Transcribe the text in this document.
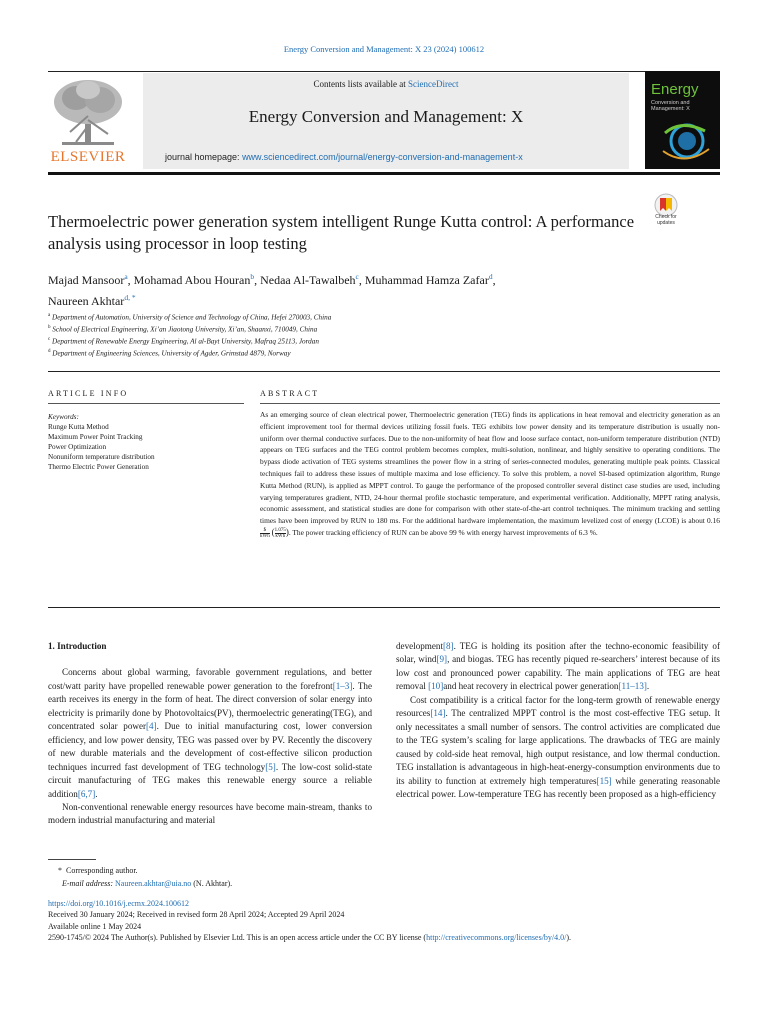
Energy Conversion and Management: X 23 (2024) 100612
ELSEVIER
Contents lists available at ScienceDirect
Energy Conversion and Management: X
journal homepage: www.sciencedirect.com/journal/energy-conversion-and-management-x
Energy
Conversion and Management: X
Check for updates
Thermoelectric power generation system intelligent Runge Kutta control: A performance analysis using processor in loop testing
Majad Mansoor$^a$, Mohamad Abou Houran$^b$, Nedaa Al-Tawalbeh$^c$, Muhammad Hamza Zafar$^d$,
Naureen Akhtar$^{d, *}$
$^a$ Department of Automation, University of Science and Technology of China, Hefei 270003, China
$^b$ School of Electrical Engineering, Xi’an Jiaotong University, Xi’an, Shaanxi, 710049, China
$^c$ Department of Renewable Energy Engineering, Al al-Bayt University, Mafraq 25113, Jordan
$^d$ Department of Engineering Sciences, University of Agder, Grimstad 4879, Norway
ARTICLE INFO
Keywords:
Runge Kutta Method
Maximum Power Point Tracking
Power Optimization
Nonuniform temperature distribution
Thermo Electric Power Generation
ABSTRACT
As an emerging source of clean electrical power, Thermoelectric generation (TEG) finds its applications in heat removal and electricity generation as an efficient improvement tool for thermal devices utilizing fossil fuels. TEG exhibits low power density and its temperature distribution is usually non-uniform over thermal conductive surfaces. Due to the non-uniformity of heat flow and loose surface contact, non-uniform temperature distribution (NTD) appears on TEG surfaces and the TEG control problem becomes complex, multi-solution, nonlinear, and highly sensitive to operating conditions. The bypass diode activation of TEG systems streamlines the power flow in a string of series-connected modules, generating multiple peak points. Classical techniques fail to address these issues of multiple maxima and lose efficiency. To solve this problem, a novel SI-based optimization algorithm, Runge Kutta Method (RUN), is applied as MPPT control. To gauge the performance of the proposed controller several distinct case studies are used, including varying temperatures gradient, NTD, 24-hour thermal profile stochastic temperature, and experimental verification. Additionally, MPPT rating analysis, economic assessment, and statistical studies are done for comparison with other state-of-the-art control techniques. The minimum tracking and settling times have been improved by RUN to 180 ms. For the additional hardware implementation, the maximum levelized cost of energy (LCOE) is about 0.16
$
kWh ( 1.075
kWh ). The power tracking efficiency of RUN can be above 99 % with energy harvest improvements of 6.3 %.

1. Introduction

Concerns about global warming, favorable government regulations, and better cost/watt parity have propelled renewable power generation to the forefront[1–3]. The earth receives its energy in the form of heat. The direct conversion of solar energy into electricity is primarily done by Photovoltaics(PV), thermoelectric generating(TEG), and concentrated solar power[4]. Due to initial manufacturing cost, lower conversion efficiency, and low power density, TEG was passed over by PV. Recently the discovery of new durable materials and the development of cost-effective silicon production techniques incurred fast development of TEG technology[5]. The low-cost solid-state circuit manufacturing of TEG makes this renewable energy source a reliable addition[6,7].

Non-conventional renewable energy resources have become main-stream, thanks to modern industrial manufacturing and material

development[8]. TEG is holding its position after the techno-economic feasibility of solar, wind[9], and biogas. TEG has recently piqued re-searchers’ interest because of its low cost and pronounced power capability. The main applications of TEG are heat removal [10]and heat recovery in electrical power generation[11–13].

Cost compatibility is a critical factor for the long-term growth of renewable energy resources[14]. The centralized MPPT control is the most cost-effective TEG setup. It only necessitates a small number of sensors. The control activities are complicated due to the TEG system’s scaling for large applications. The drawbacks of TEG are mainly caused by cold-side heat removal, high output resistance, and low thermal conduction. TEG installation is advantageous in high-heat-energy-consumption environments due to its ability to function at extremely high temperatures[15] while generating reasonable electrical power. Low-temperature TEG has recently been proposed as a high-efficiency

* Corresponding author.
E-mail address: Naureen.akhtar@uia.no (N. Akhtar).
https://doi.org/10.1016/j.ecmx.2024.100612
Received 30 January 2024; Received in revised form 28 April 2024; Accepted 29 April 2024
Available online 1 May 2024
2590-1745/© 2024 The Author(s). Published by Elsevier Ltd. This is an open access article under the CC BY license (http://creativecommons.org/licenses/by/4.0/).
